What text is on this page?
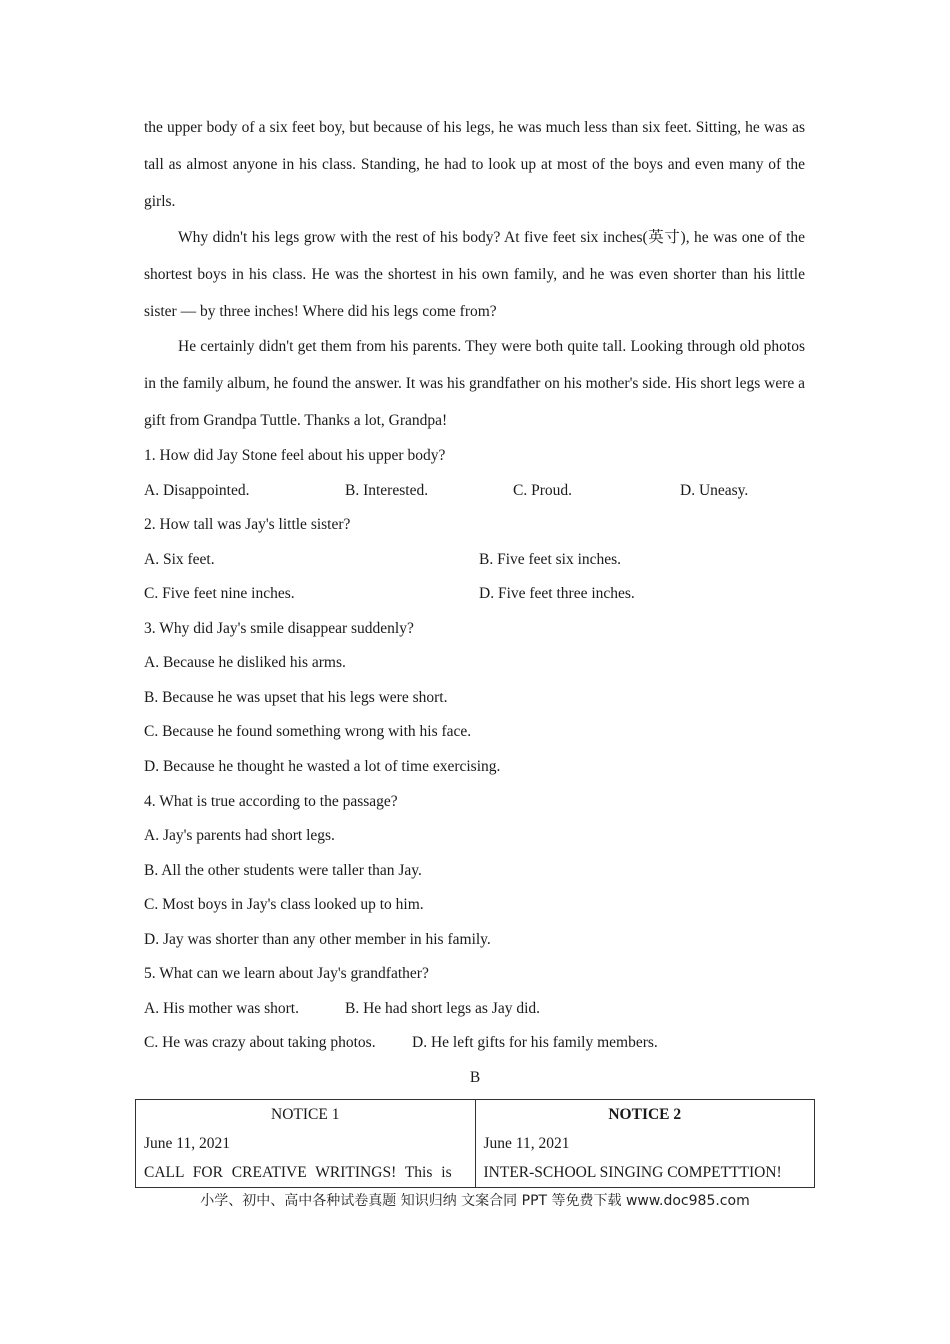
the upper body of a six feet boy, but because of his legs, he was much less than six feet. Sitting, he was as tall as almost anyone in his class. Standing, he had to look up at most of the boys and even many of the girls.

Why didn't his legs grow with the rest of his body? At five feet six inches(英寸), he was one of the shortest boys in his class. He was the shortest in his own family, and he was even shorter than his little sister — by three inches! Where did his legs come from?

He certainly didn't get them from his parents. They were both quite tall. Looking through old photos in the family album, he found the answer. It was his grandfather on his mother's side. His short legs were a gift from Grandpa Tuttle. Thanks a lot, Grandpa!

1. How did Jay Stone feel about his upper body?
A. Disappointed.	B. Interested.	C. Proud.	D. Uneasy.
2. How tall was Jay's little sister?
A. Six feet.	B. Five feet six inches.
C. Five feet nine inches.	D. Five feet three inches.
3. Why did Jay's smile disappear suddenly?
A. Because he disliked his arms.
B. Because he was upset that his legs were short.
C. Because he found something wrong with his face.
D. Because he thought he wasted a lot of time exercising.
4. What is true according to the passage?
A. Jay's parents had short legs.
B. All the other students were taller than Jay.
C. Most boys in Jay's class looked up to him.
D. Jay was shorter than any other member in his family.
5. What can we learn about Jay's grandfather?
A. His mother was short.	B. He had short legs as Jay did.
C. He was crazy about taking photos. D. He left gifts for his family members.
B
NOTICE 1
June 11, 2021
CALL FOR CREATIVE WRITINGS! This is

NOTICE 2
June 11, 2021
INTER-SCHOOL SINGING COMPETTTION!
小学、初中、高中各种试卷真题 知识归纳 文案合同 PPT 等免费下载 www.doc985.com
